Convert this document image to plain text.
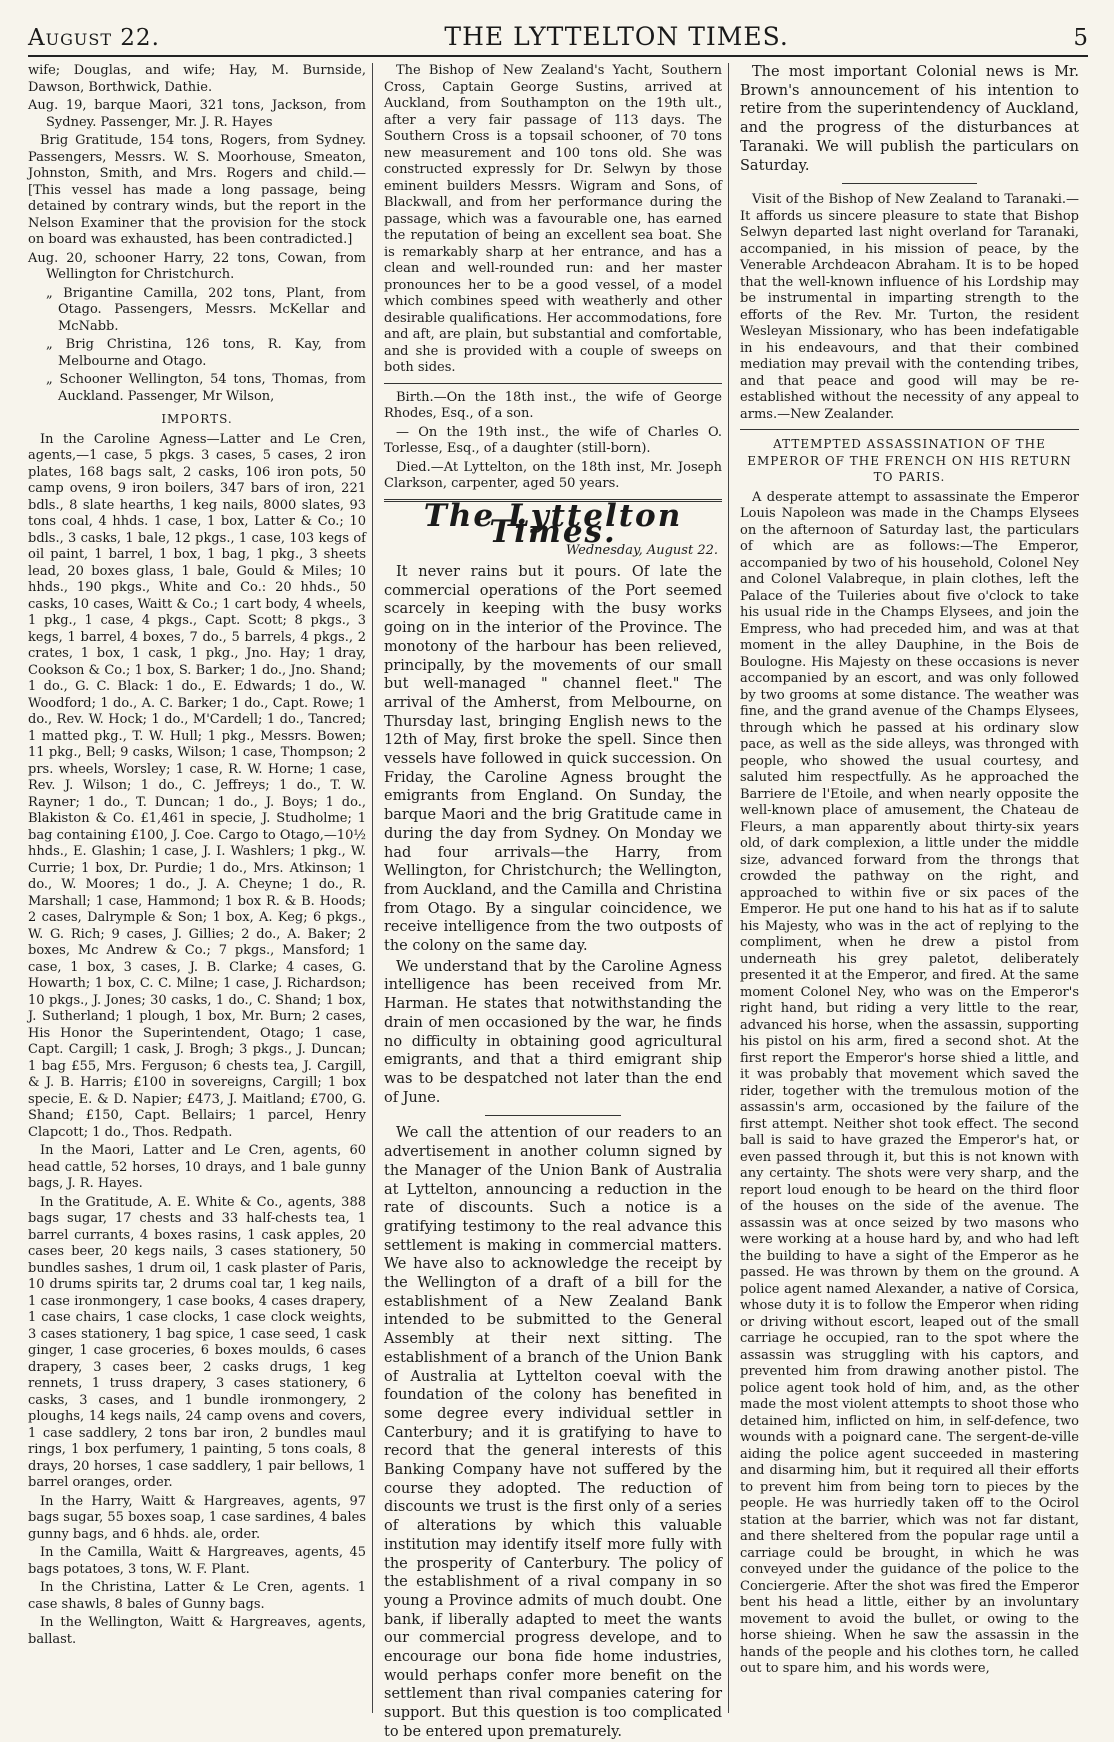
August 22.	THE LYTTELTON TIMES.	5

wife; Douglas, and wife; Hay, M. Burnside, Dawson, Borthwick, Dathie.

Aug. 19, barque Maori, 321 tons, Jackson, from Sydney. Passenger, Mr. J. R. Hayes

Brig Gratitude, 154 tons, Rogers, from Sydney. Passengers, Messrs. W. S. Moorhouse, Smeaton, Johnston, Smith, and Mrs. Rogers and child.—[This vessel has made a long passage, being detained by contrary winds, but the report in the Nelson Examiner that the provision for the stock on board was exhausted, has been contradicted.]

Aug. 20, schooner Harry, 22 tons, Cowan, from Wellington for Christchurch.

„ Brigantine Camilla, 202 tons, Plant, from Otago. Passengers, Messrs. McKellar and McNabb.

„ Brig Christina, 126 tons, R. Kay, from Melbourne and Otago.

„ Schooner Wellington, 54 tons, Thomas, from Auckland. Passenger, Mr Wilson,

IMPORTS.

In the Caroline Agness—Latter and Le Cren, agents,—1 case, 5 pkgs. 3 cases, 5 cases, 2 iron plates, 168 bags salt, 2 casks, 106 iron pots, 50 camp ovens, 9 iron boilers, 347 bars of iron, 221 bdls., 8 slate hearths, 1 keg nails, 8000 slates, 93 tons coal, 4 hhds. 1 case, 1 box, Latter & Co.; 10 bdls., 3 casks, 1 bale, 12 pkgs., 1 case, 103 kegs of oil paint, 1 barrel, 1 box, 1 bag, 1 pkg., 3 sheets lead, 20 boxes glass, 1 bale, Gould & Miles; 10 hhds., 190 pkgs., White and Co.: 20 hhds., 50 casks, 10 cases, Waitt & Co.; 1 cart body, 4 wheels, 1 pkg., 1 case, 4 pkgs., Capt. Scott; 8 pkgs., 3 kegs, 1 barrel, 4 boxes, 7 do., 5 barrels, 4 pkgs., 2 crates, 1 box, 1 cask, 1 pkg., Jno. Hay; 1 dray, Cookson & Co.; 1 box, S. Barker; 1 do., Jno. Shand; 1 do., G. C. Black: 1 do., E. Edwards; 1 do., W. Woodford; 1 do., A. C. Barker; 1 do., Capt. Rowe; 1 do., Rev. W. Hock; 1 do., M'Cardell; 1 do., Tancred; 1 matted pkg., T. W. Hull; 1 pkg., Messrs. Bowen; 11 pkg., Bell; 9 casks, Wilson; 1 case, Thompson; 2 prs. wheels, Worsley; 1 case, R. W. Horne; 1 case, Rev. J. Wilson; 1 do., C. Jeffreys; 1 do., T. W. Rayner; 1 do., T. Duncan; 1 do., J. Boys; 1 do., Blakiston & Co. £1,461 in specie, J. Studholme; 1 bag containing £100, J. Coe. Cargo to Otago,—10½ hhds., E. Glashin; 1 case, J. I. Washlers; 1 pkg., W. Currie; 1 box, Dr. Purdie; 1 do., Mrs. Atkinson; 1 do., W. Moores; 1 do., J. A. Cheyne; 1 do., R. Marshall; 1 case, Hammond; 1 box R. & B. Hoods; 2 cases, Dalrymple & Son; 1 box, A. Keg; 6 pkgs., W. G. Rich; 9 cases, J. Gillies; 2 do., A. Baker; 2 boxes, Mc Andrew & Co.; 7 pkgs., Mansford; 1 case, 1 box, 3 cases, J. B. Clarke; 4 cases, G. Howarth; 1 box, C. C. Milne; 1 case, J. Richardson; 10 pkgs., J. Jones; 30 casks, 1 do., C. Shand; 1 box, J. Sutherland; 1 plough, 1 box, Mr. Burn; 2 cases, His Honor the Superintendent, Otago; 1 case, Capt. Cargill; 1 cask, J. Brogh; 3 pkgs., J. Duncan; 1 bag £55, Mrs. Ferguson; 6 chests tea, J. Cargill, & J. B. Harris; £100 in sovereigns, Cargill; 1 box specie, E. & D. Napier; £473, J. Maitland; £700, G. Shand; £150, Capt. Bellairs; 1 parcel, Henry Clapcott; 1 do., Thos. Redpath.

In the Maori, Latter and Le Cren, agents, 60 head cattle, 52 horses, 10 drays, and 1 bale gunny bags, J. R. Hayes.

In the Gratitude, A. E. White & Co., agents, 388 bags sugar, 17 chests and 33 half-chests tea, 1 barrel currants, 4 boxes rasins, 1 cask apples, 20 cases beer, 20 kegs nails, 3 cases stationery, 50 bundles sashes, 1 drum oil, 1 cask plaster of Paris, 10 drums spirits tar, 2 drums coal tar, 1 keg nails, 1 case ironmongery, 1 case books, 4 cases drapery, 1 case chairs, 1 case clocks, 1 case clock weights, 3 cases stationery, 1 bag spice, 1 case seed, 1 cask ginger, 1 case groceries, 6 boxes moulds, 6 cases drapery, 3 cases beer, 2 casks drugs, 1 keg rennets, 1 truss drapery, 3 cases stationery, 6 casks, 3 cases, and 1 bundle ironmongery, 2 ploughs, 14 kegs nails, 24 camp ovens and covers, 1 case saddlery, 2 tons bar iron, 2 bundles maul rings, 1 box perfumery, 1 painting, 5 tons coals, 8 drays, 20 horses, 1 case saddlery, 1 pair bellows, 1 barrel oranges, order.

In the Harry, Waitt & Hargreaves, agents, 97 bags sugar, 55 boxes soap, 1 case sardines, 4 bales gunny bags, and 6 hhds. ale, order.

In the Camilla, Waitt & Hargreaves, agents, 45 bags potatoes, 3 tons, W. F. Plant.

In the Christina, Latter & Le Cren, agents. 1 case shawls, 8 bales of Gunny bags.

In the Wellington, Waitt & Hargreaves, agents, ballast.

The Bishop of New Zealand's Yacht, Southern Cross, Captain George Sustins, arrived at Auckland, from Southampton on the 19th ult., after a very fair passage of 113 days. The Southern Cross is a topsail schooner, of 70 tons new measurement and 100 tons old. She was constructed expressly for Dr. Selwyn by those eminent builders Messrs. Wigram and Sons, of Blackwall, and from her performance during the passage, which was a favourable one, has earned the reputation of being an excellent sea boat. She is remarkably sharp at her entrance, and has a clean and well-rounded run: and her master pronounces her to be a good vessel, of a model which combines speed with weatherly and other desirable qualifications. Her accommodations, fore and aft, are plain, but substantial and comfortable, and she is provided with a couple of sweeps on both sides.

Birth.—On the 18th inst., the wife of George Rhodes, Esq., of a son.

— On the 19th inst., the wife of Charles O. Torlesse, Esq., of a daughter (still-born).

Died.—At Lyttelton, on the 18th inst, Mr. Joseph Clarkson, carpenter, aged 50 years.

The Lyttelton Times.
Wednesday, August 22.

It never rains but it pours. Of late the commercial operations of the Port seemed scarcely in keeping with the busy works going on in the interior of the Province. The monotony of the harbour has been relieved, principally, by the movements of our small but well-managed " channel fleet." The arrival of the Amherst, from Melbourne, on Thursday last, bringing English news to the 12th of May, first broke the spell. Since then vessels have followed in quick succession. On Friday, the Caroline Agness brought the emigrants from England. On Sunday, the barque Maori and the brig Gratitude came in during the day from Sydney. On Monday we had four arrivals—the Harry, from Wellington, for Christchurch; the Wellington, from Auckland, and the Camilla and Christina from Otago. By a singular coincidence, we receive intelligence from the two outposts of the colony on the same day.

We understand that by the Caroline Agness intelligence has been received from Mr. Harman. He states that notwithstanding the drain of men occasioned by the war, he finds no difficulty in obtaining good agricultural emigrants, and that a third emigrant ship was to be despatched not later than the end of June.

We call the attention of our readers to an advertisement in another column signed by the Manager of the Union Bank of Australia at Lyttelton, announcing a reduction in the rate of discounts. Such a notice is a gratifying testimony to the real advance this settlement is making in commercial matters. We have also to acknowledge the receipt by the Wellington of a draft of a bill for the establishment of a New Zealand Bank intended to be submitted to the General Assembly at their next sitting. The establishment of a branch of the Union Bank of Australia at Lyttelton coeval with the foundation of the colony has benefited in some degree every individual settler in Canterbury; and it is gratifying to have to record that the general interests of this Banking Company have not suffered by the course they adopted. The reduction of discounts we trust is the first only of a series of alterations by which this valuable institution may identify itself more fully with the prosperity of Canterbury. The policy of the establishment of a rival company in so young a Province admits of much doubt. One bank, if liberally adapted to meet the wants our commercial progress develope, and to encourage our bona fide home industries, would perhaps confer more benefit on the settlement than rival companies catering for support. But this question is too complicated to be entered upon prematurely.

The most important Colonial news is Mr. Brown's announcement of his intention to retire from the superintendency of Auckland, and the progress of the disturbances at Taranaki. We will publish the particulars on Saturday.

Visit of the Bishop of New Zealand to Taranaki.—It affords us sincere pleasure to state that Bishop Selwyn departed last night overland for Taranaki, accompanied, in his mission of peace, by the Venerable Archdeacon Abraham. It is to be hoped that the well-known influence of his Lordship may be instrumental in imparting strength to the efforts of the Rev. Mr. Turton, the resident Wesleyan Missionary, who has been indefatigable in his endeavours, and that their combined mediation may prevail with the contending tribes, and that peace and good will may be re-established without the necessity of any appeal to arms.—New Zealander.

ATTEMPTED ASSASSINATION OF THE EMPEROR OF THE FRENCH ON HIS RETURN TO PARIS.

A desperate attempt to assassinate the Emperor Louis Napoleon was made in the Champs Elysees on the afternoon of Saturday last, the particulars of which are as follows:—The Emperor, accompanied by two of his household, Colonel Ney and Colonel Valabreque, in plain clothes, left the Palace of the Tuileries about five o'clock to take his usual ride in the Champs Elysees, and join the Empress, who had preceded him, and was at that moment in the alley Dauphine, in the Bois de Boulogne. His Majesty on these occasions is never accompanied by an escort, and was only followed by two grooms at some distance. The weather was fine, and the grand avenue of the Champs Elysees, through which he passed at his ordinary slow pace, as well as the side alleys, was thronged with people, who showed the usual courtesy, and saluted him respectfully. As he approached the Barriere de l'Etoile, and when nearly opposite the well-known place of amusement, the Chateau de Fleurs, a man apparently about thirty-six years old, of dark complexion, a little under the middle size, advanced forward from the throngs that crowded the pathway on the right, and approached to within five or six paces of the Emperor. He put one hand to his hat as if to salute his Majesty, who was in the act of replying to the compliment, when he drew a pistol from underneath his grey paletot, deliberately presented it at the Emperor, and fired. At the same moment Colonel Ney, who was on the Emperor's right hand, but riding a very little to the rear, advanced his horse, when the assassin, supporting his pistol on his arm, fired a second shot. At the first report the Emperor's horse shied a little, and it was probably that movement which saved the rider, together with the tremulous motion of the assassin's arm, occasioned by the failure of the first attempt. Neither shot took effect. The second ball is said to have grazed the Emperor's hat, or even passed through it, but this is not known with any certainty. The shots were very sharp, and the report loud enough to be heard on the third floor of the houses on the side of the avenue. The assassin was at once seized by two masons who were working at a house hard by, and who had left the building to have a sight of the Emperor as he passed. He was thrown by them on the ground. A police agent named Alexander, a native of Corsica, whose duty it is to follow the Emperor when riding or driving without escort, leaped out of the small carriage he occupied, ran to the spot where the assassin was struggling with his captors, and prevented him from drawing another pistol. The police agent took hold of him, and, as the other made the most violent attempts to shoot those who detained him, inflicted on him, in self-defence, two wounds with a poignard cane. The sergent-de-ville aiding the police agent succeeded in mastering and disarming him, but it required all their efforts to prevent him from being torn to pieces by the people. He was hurriedly taken off to the Ocirol station at the barrier, which was not far distant, and there sheltered from the popular rage until a carriage could be brought, in which he was conveyed under the guidance of the police to the Conciergerie. After the shot was fired the Emperor bent his head a little, either by an involuntary movement to avoid the bullet, or owing to the horse shieing. When he saw the assassin in the hands of the people and his clothes torn, he called out to spare him, and his words were,
